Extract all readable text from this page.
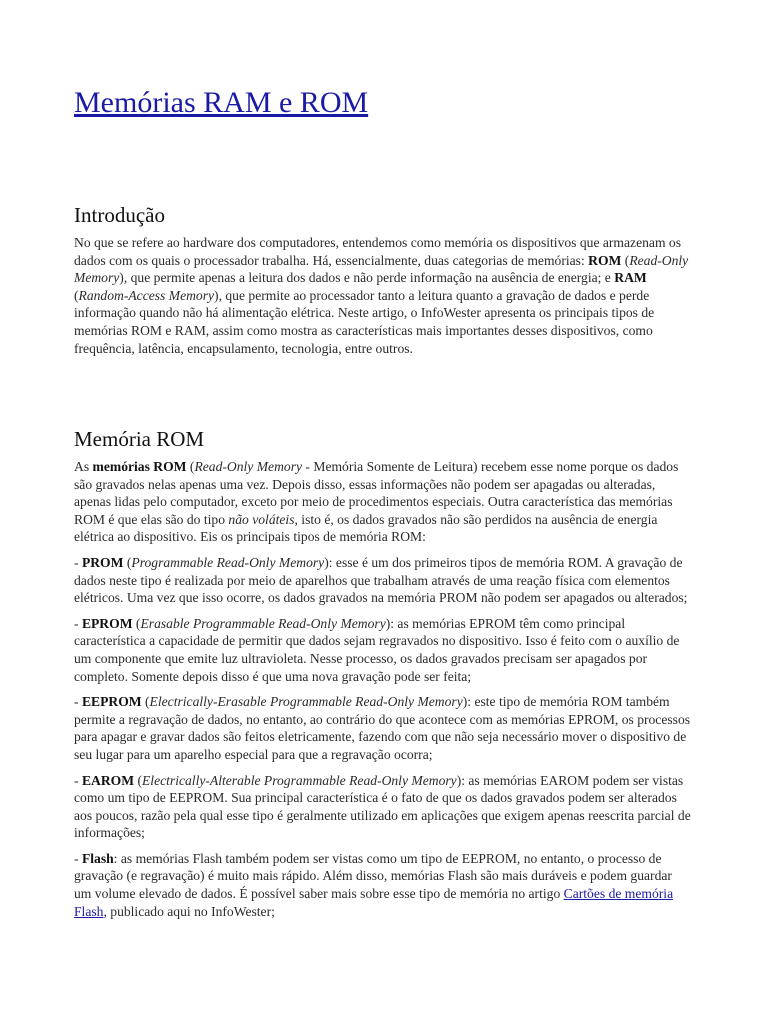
Memórias RAM e ROM
Introdução

No que se refere ao hardware dos computadores, entendemos como memória os dispositivos que armazenam os dados com os quais o processador trabalha. Há, essencialmente, duas categorias de memórias: ROM (Read-Only Memory), que permite apenas a leitura dos dados e não perde informação na ausência de energia; e RAM (Random-Access Memory), que permite ao processador tanto a leitura quanto a gravação de dados e perde informação quando não há alimentação elétrica. Neste artigo, o InfoWester apresenta os principais tipos de memórias ROM e RAM, assim como mostra as características mais importantes desses dispositivos, como frequência, latência, encapsulamento, tecnologia, entre outros.

Memória ROM

As memórias ROM (Read-Only Memory - Memória Somente de Leitura) recebem esse nome porque os dados são gravados nelas apenas uma vez. Depois disso, essas informações não podem ser apagadas ou alteradas, apenas lidas pelo computador, exceto por meio de procedimentos especiais. Outra característica das memórias ROM é que elas são do tipo não voláteis, isto é, os dados gravados não são perdidos na ausência de energia elétrica ao dispositivo. Eis os principais tipos de memória ROM:

- PROM (Programmable Read-Only Memory): esse é um dos primeiros tipos de memória ROM. A gravação de dados neste tipo é realizada por meio de aparelhos que trabalham através de uma reação física com elementos elétricos. Uma vez que isso ocorre, os dados gravados na memória PROM não podem ser apagados ou alterados;

- EPROM (Erasable Programmable Read-Only Memory): as memórias EPROM têm como principal característica a capacidade de permitir que dados sejam regravados no dispositivo. Isso é feito com o auxílio de um componente que emite luz ultravioleta. Nesse processo, os dados gravados precisam ser apagados por completo. Somente depois disso é que uma nova gravação pode ser feita;

- EEPROM (Electrically-Erasable Programmable Read-Only Memory): este tipo de memória ROM também permite a regravação de dados, no entanto, ao contrário do que acontece com as memórias EPROM, os processos para apagar e gravar dados são feitos eletricamente, fazendo com que não seja necessário mover o dispositivo de seu lugar para um aparelho especial para que a regravação ocorra;

- EAROM (Electrically-Alterable Programmable Read-Only Memory): as memórias EAROM podem ser vistas como um tipo de EEPROM. Sua principal característica é o fato de que os dados gravados podem ser alterados aos poucos, razão pela qual esse tipo é geralmente utilizado em aplicações que exigem apenas reescrita parcial de informações;

- Flash: as memórias Flash também podem ser vistas como um tipo de EEPROM, no entanto, o processo de gravação (e regravação) é muito mais rápido. Além disso, memórias Flash são mais duráveis e podem guardar um volume elevado de dados. É possível saber mais sobre esse tipo de memória no artigo Cartões de memória Flash, publicado aqui no InfoWester;
